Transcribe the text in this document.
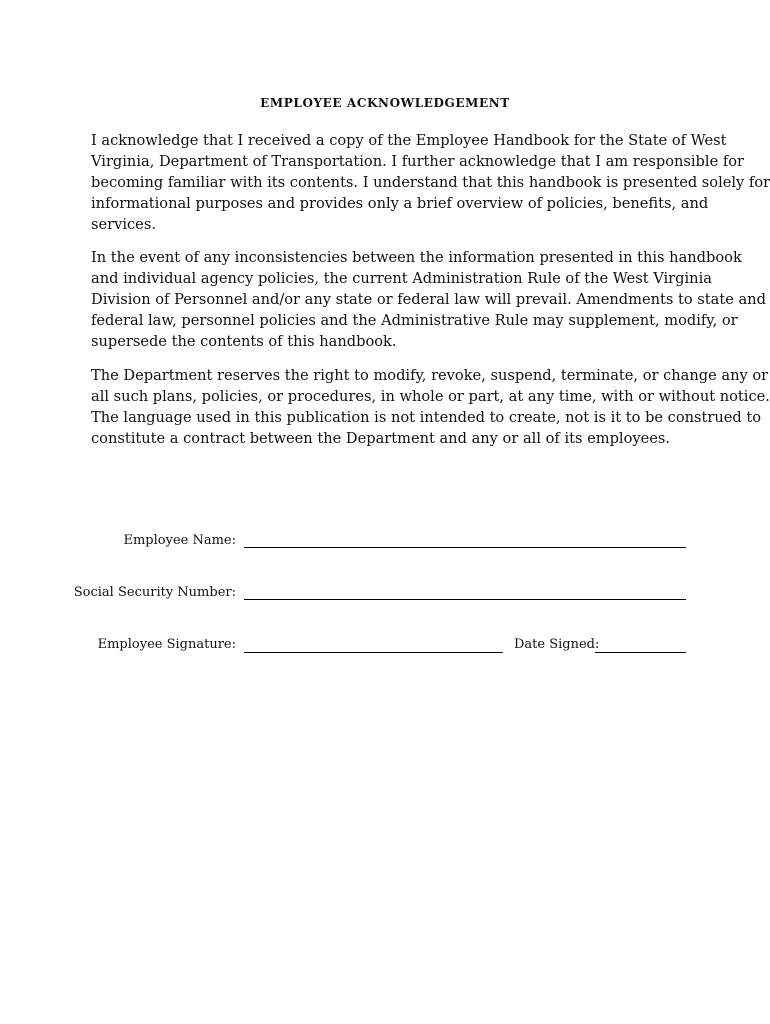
EMPLOYEE ACKNOWLEDGEMENT

I acknowledge that I received a copy of the Employee Handbook for the State of West
Virginia, Department of Transportation. I further acknowledge that I am responsible for
becoming familiar with its contents. I understand that this handbook is presented solely for
informational purposes and provides only a brief overview of policies, benefits, and
services.

In the event of any inconsistencies between the information presented in this handbook
and individual agency policies, the current Administration Rule of the West Virginia
Division of Personnel and/or any state or federal law will prevail. Amendments to state and
federal law, personnel policies and the Administrative Rule may supplement, modify, or
supersede the contents of this handbook.

The Department reserves the right to modify, revoke, suspend, terminate, or change any or
all such plans, policies, or procedures, in whole or part, at any time, with or without notice.
The language used in this publication is not intended to create, not is it to be construed to
constitute a contract between the Department and any or all of its employees.

Employee Name:
Social Security Number:
Employee Signature:	Date Signed:
